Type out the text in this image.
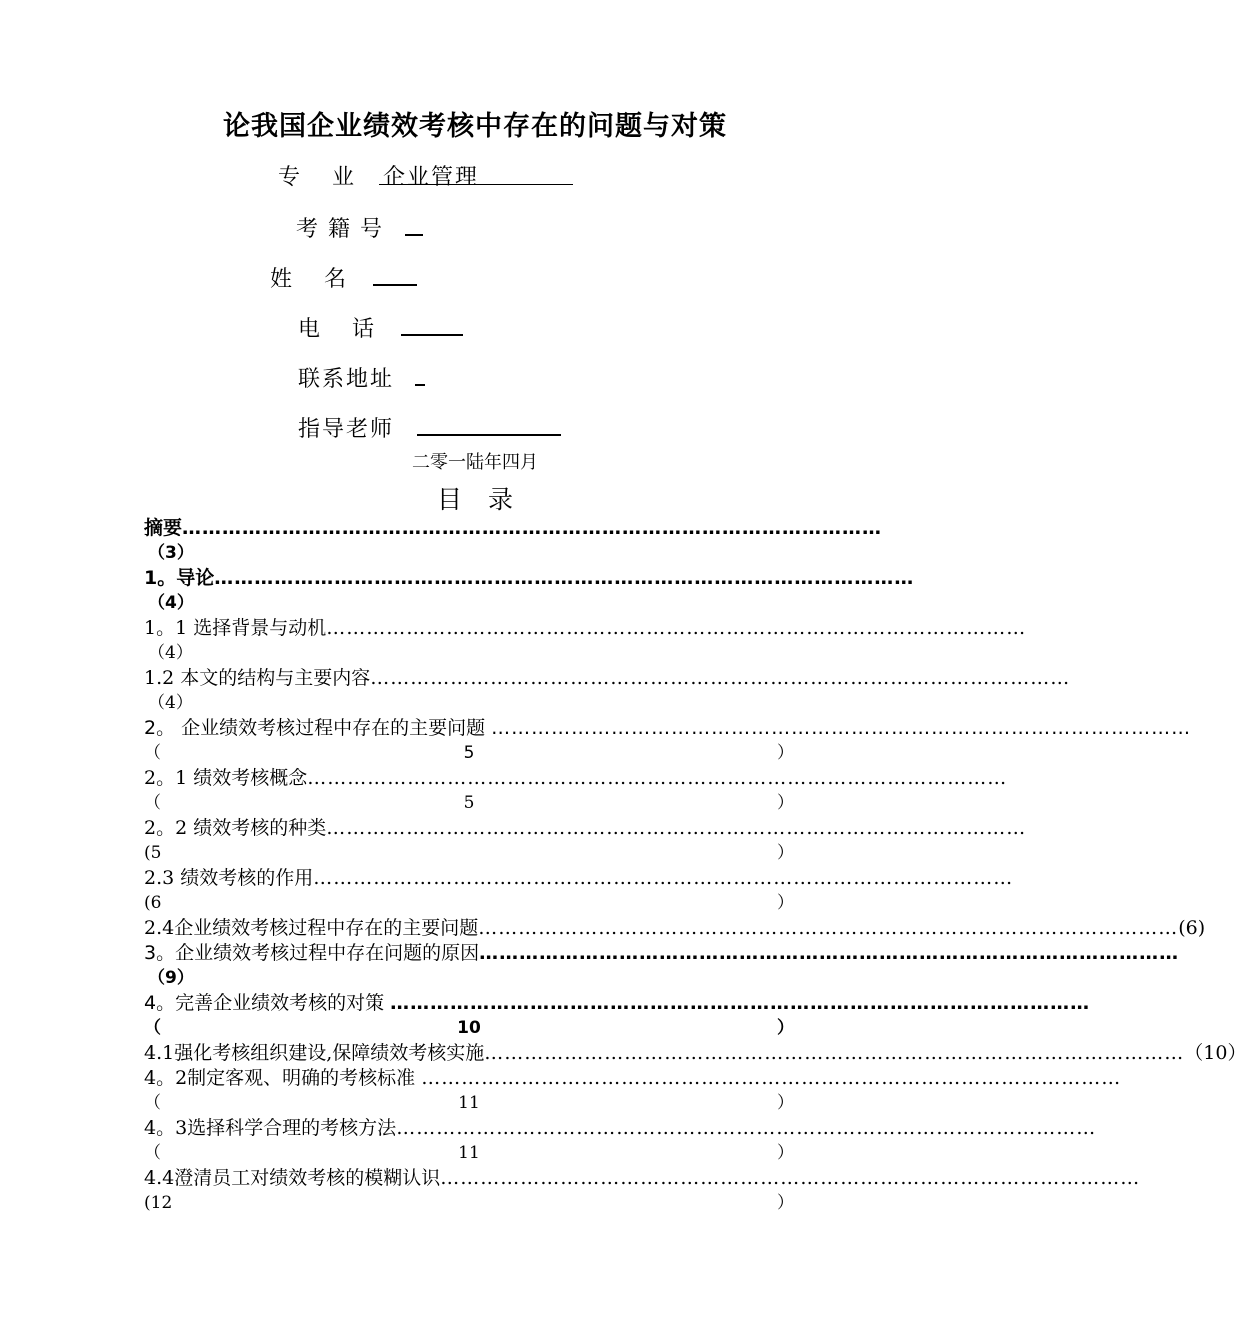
论我国企业绩效考核中存在的问题与对策
专  业 企业管理
考籍号
姓  名
电  话
联系地址
指导老师
二零一陆年四月
目录
摘要 ……………………………………………………………………………………………
（3）
1。导论 ……………………………………………………………………………………………
（4）
1。1 选择背景与动机 ……………………………………………………………………………………………
（4）
1.2 本文的结构与主要内容 ……………………………………………………………………………………………
（4）
2。 企业绩效考核过程中存在的主要问题 ……………………………………………………………………………………………
（	5	）
2。1 绩效考核概念 ……………………………………………………………………………………………
（	5	）
2。2 绩效考核的种类 ……………………………………………………………………………………………
(5	）
2.3 绩效考核的作用 ……………………………………………………………………………………………
(6	）
2.4企业绩效考核过程中存在的主要问题 …………………………………………………………………………………………… (6)
3。企业绩效考核过程中存在问题的原因 ……………………………………………………………………………………………
（9）
4。完善企业绩效考核的对策 ……………………………………………………………………………………………
（	10	）
4.1强化考核组织建设,保障绩效考核实施 …………………………………………………………………………………………… （10）
4。2制定客观、明确的考核标准 ……………………………………………………………………………………………
（	11	）
4。3选择科学合理的考核方法 ……………………………………………………………………………………………
（	11	）
4.4澄清员工对绩效考核的模糊认识 ……………………………………………………………………………………………
(12	）
